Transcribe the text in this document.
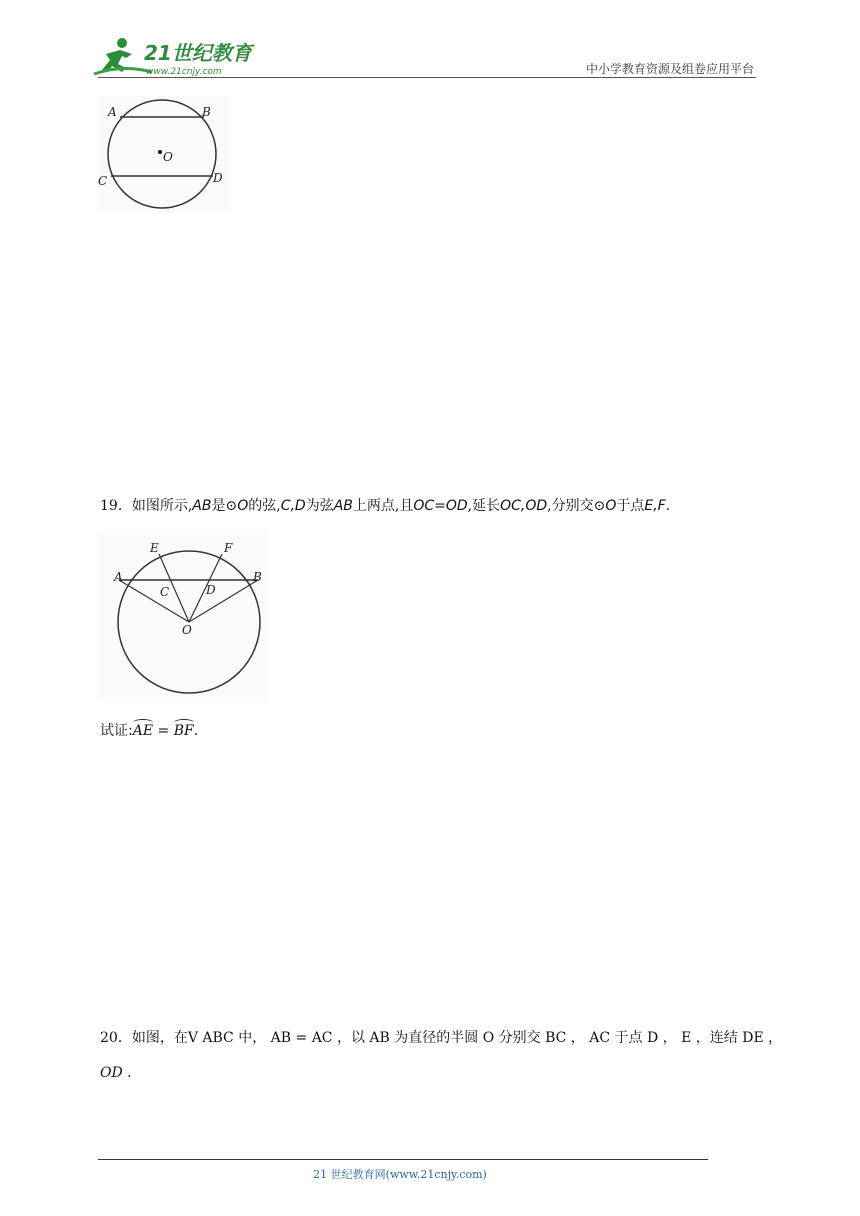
21世纪教育
www.21cnjy.com	中小学教育资源及组卷应用平台
A	B
O
C	D
19．如图所示,AB是⊙O的弦,C,D为弦AB上两点,且OC=OD,延长OC,OD,分别交⊙O于点E,F.
A	B
E	F
C	D
O
试证:AE = BF.
20．如图，在V ABC 中， AB = AC ，以 AB 为直径的半圆 O 分别交 BC ， AC 于点 D ， E ，连结 DE ，
OD .
21 世纪教育网(www.21cnjy.com)
